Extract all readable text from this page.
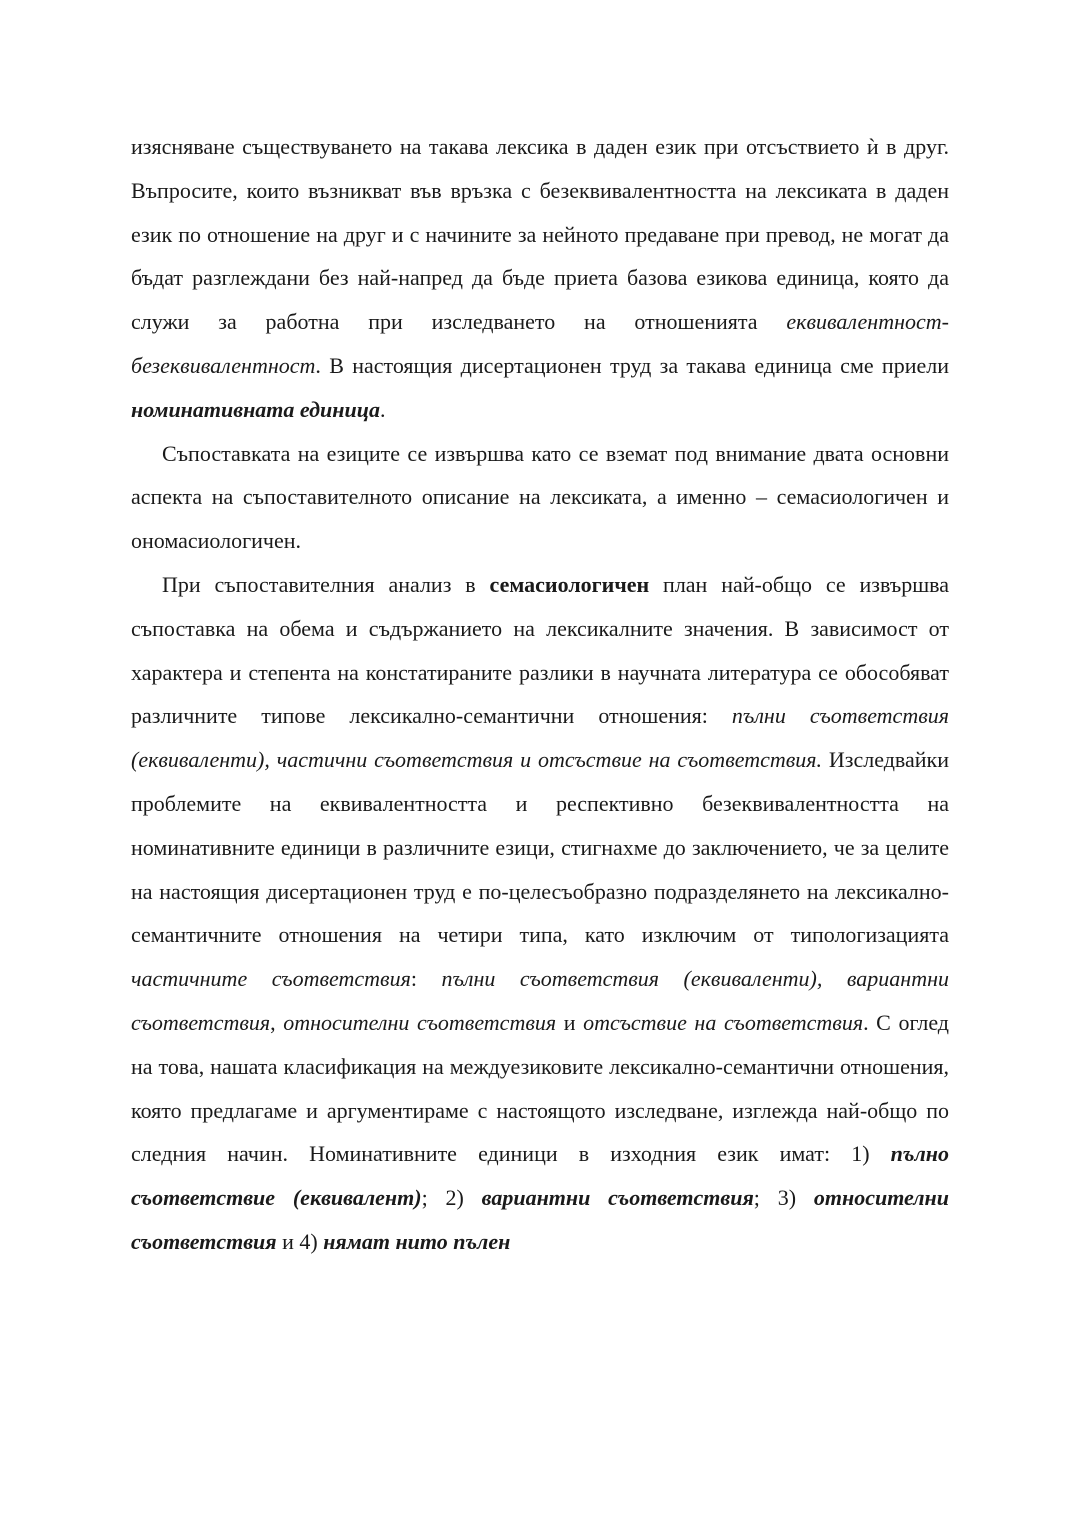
изясняване съществуването на такава лексика в даден език при отсъствието ѝ в друг. Въпросите, които възникват във връзка с безеквивалентността на лексиката в даден език по отношение на друг и с начините за нейното предаване при превод, не могат да бъдат разглеждани без най-напред да бъде приета базова езикова единица, която да служи за работна при изследването на отношенията еквивалентност-безеквивалентност. В настоящия дисертационен труд за такава единица сме приели номинативната единица.

Съпоставката на езиците се извършва като се вземат под внимание двата основни аспекта на съпоставителното описание на лексиката, а именно – семасиологичен и ономасиологичен.

При съпоставителния анализ в семасиологичен план най-общо се извършва съпоставка на обема и съдържанието на лексикалните значения. В зависимост от характера и степента на констатираните разлики в научната литература се обособяват различните типове лексикално-семантични отношения: пълни съответствия (еквиваленти), частични съответствия и отсъствие на съответствия. Изследвайки проблемите на еквивалентността и респективно безеквивалентността на номинативните единици в различните езици, стигнахме до заключението, че за целите на настоящия дисертационен труд е по-целесъобразно подразделянето на лексикално-семантичните отношения на четири типа, като изключим от типологизацията частичните съответствия: пълни съответствия (еквиваленти), вариантни съответствия, относителни съответствия и отсъствие на съответствия. С оглед на това, нашата класификация на междуезиковите лексикално-семантични отношения, която предлагаме и аргументираме с настоящото изследване, изглежда най-общо по следния начин. Номинативните единици в изходния език имат: 1) пълно съответствие (еквивалент); 2) вариантни съответствия; 3) относителни съответствия и 4) нямат нито пълен
